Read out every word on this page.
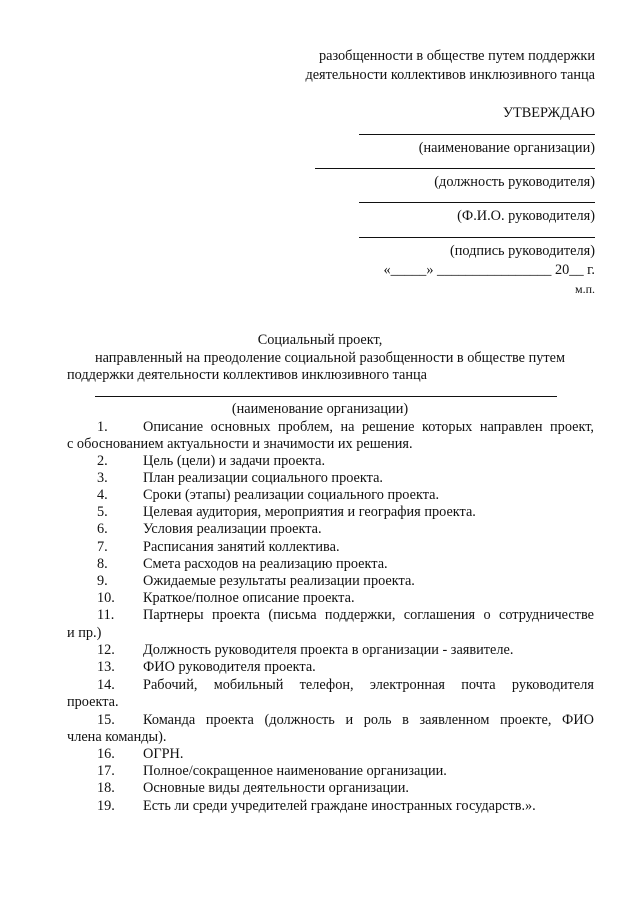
разобщенности в обществе путем поддержки
деятельности коллективов инклюзивного танца
УТВЕРЖДАЮ
(наименование организации)
(должность руководителя)
(Ф.И.О. руководителя)
(подпись руководителя)
«_____» ________________ 20__ г.
м.п.
Социальный проект,
направленный на преодоление социальной разобщенности в обществе путем
поддержки деятельности коллективов инклюзивного танца
(наименование организации)
1. Описание основных проблем, на решение которых направлен проект,
с обоснованием актуальности и значимости их решения.
2. Цель (цели) и задачи проекта.
3. План реализации социального проекта.
4. Сроки (этапы) реализации социального проекта.
5. Целевая аудитория, мероприятия и география проекта.
6. Условия реализации проекта.
7. Расписания занятий коллектива.
8. Смета расходов на реализацию проекта.
9. Ожидаемые результаты реализации проекта.
10. Краткое/полное описание проекта.
11. Партнеры проекта (письма поддержки, соглашения о сотрудничестве
и пр.)
12. Должность руководителя проекта в организации - заявителе.
13. ФИО руководителя проекта.
14. Рабочий, мобильный телефон, электронная почта руководителя
проекта.
15. Команда проекта (должность и роль в заявленном проекте, ФИО
члена команды).
16. ОГРН.
17. Полное/сокращенное наименование организации.
18. Основные виды деятельности организации.
19. Есть ли среди учредителей граждане иностранных государств.».
